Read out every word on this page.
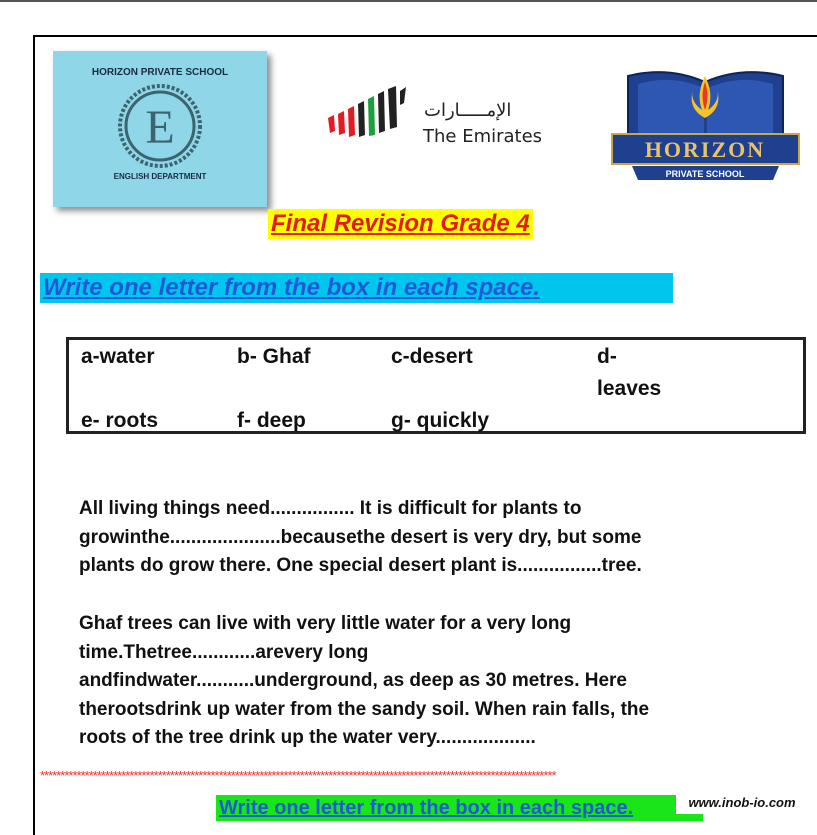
HORIZON PRIVATE SCHOOL
E
ENGLISH DEPARTMENT
الإمـــــارات
The Emirates
HORIZON
PRIVATE SCHOOL
Final Revision Grade 4
Write one letter from the box in each space.
a-water	b- Ghaf	c-desert	d-
leaves
e- roots	f- deep	g- quickly
All living things need................ It is difficult for plants to
growinthe.....................becausethe desert is very dry, but some
plants do grow there. One special desert plant is................tree.
Ghaf trees can live with very little water for a very long
time.Thetree............arevery long
andfindwater...........underground, as deep as 30 metres. Here
therootsdrink up water from the sandy soil. When rain falls, the
roots of the tree drink up the water very...................
*******************************************************************************************************************************
Write one letter from the box in each space.	www.inob-io.com
